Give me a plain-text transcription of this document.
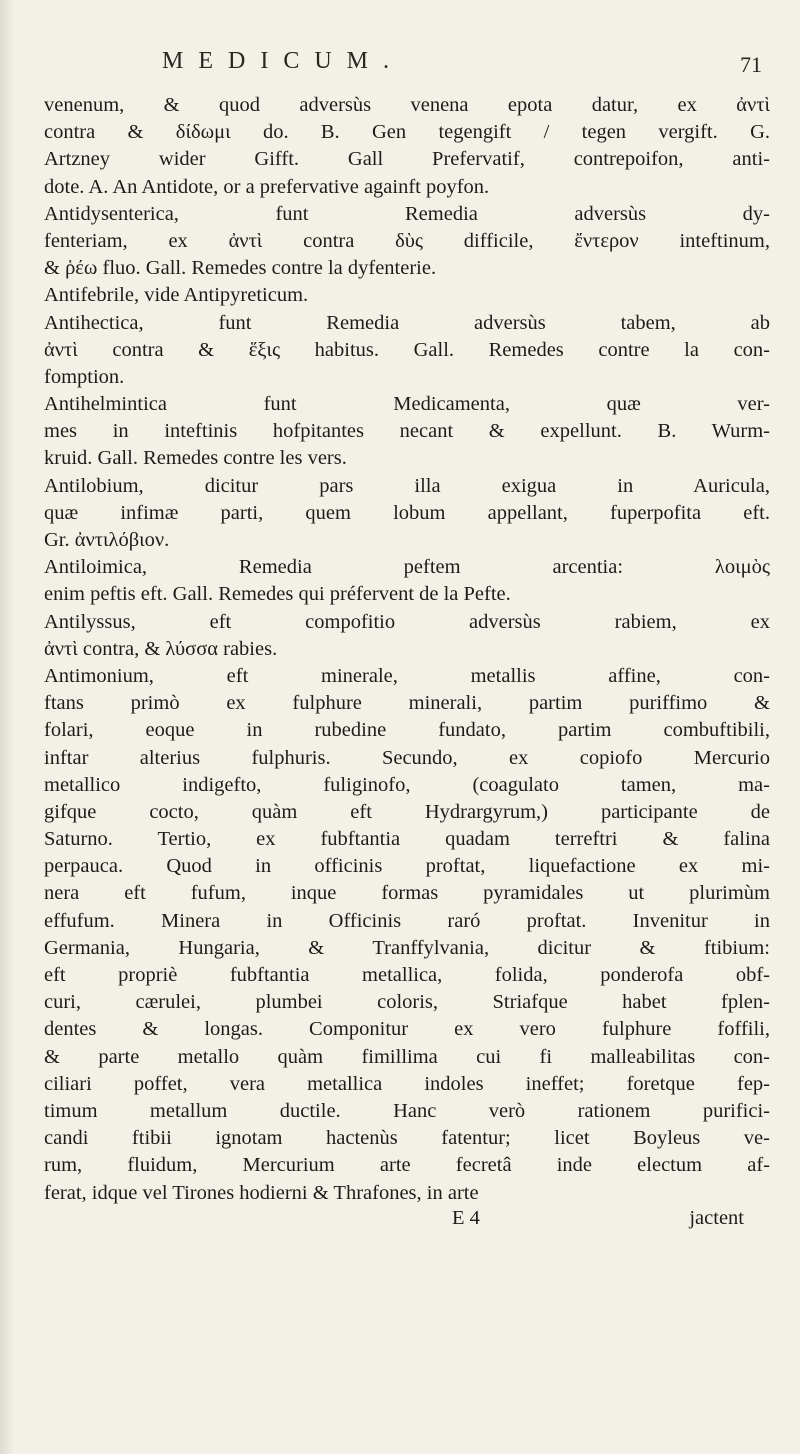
MEDICUM.	71
venenum, & quod adversùs venena epota datur, ex ἀντὶ
contra & δίδωμι do. B. Gen tegengift / tegen vergift. G.
Artzney wider Gifft. Gall Prefervatif, contrepoifon, anti-
dote. A. An Antidote, or a prefervative againft poyfon.
Antidysenterica, funt Remedia adversùs dy-
fenteriam, ex ἀντὶ contra δὺς difficile, ἔντερον inteftinum,
& ῥέω fluo. Gall. Remedes contre la dyfenterie.
Antifebrile, vide Antipyreticum.
Antihectica, funt Remedia adversùs tabem, ab
ἀντὶ contra & ἕξις habitus. Gall. Remedes contre la con-
fomption.
Antihelmintica funt Medicamenta, quæ ver-
mes in inteftinis hofpitantes necant & expellunt. B. Wurm-
kruid. Gall. Remedes contre les vers.
Antilobium, dicitur pars illa exigua in Auricula,
quæ infimæ parti, quem lobum appellant, fuperpofita eft.
Gr. ἀντιλόβιον.
Antiloimica, Remedia peftem arcentia: λοιμὸς
enim peftis eft. Gall. Remedes qui préfervent de la Pefte.
Antilyssus, eft compofitio adversùs rabiem, ex
ἀντὶ contra, & λύσσα rabies.
Antimonium, eft minerale, metallis affine, con-
ftans primò ex fulphure minerali, partim puriffimo &
folari, eoque in rubedine fundato, partim combuftibili,
inftar alterius fulphuris. Secundo, ex copiofo Mercurio
metallico indigefto, fuliginofo, (coagulato tamen, ma-
gifque cocto, quàm eft Hydrargyrum,) participante de
Saturno. Tertio, ex fubftantia quadam terreftri & falina
perpauca. Quod in officinis proftat, liquefactione ex mi-
nera eft fufum, inque formas pyramidales ut plurimùm
effufum. Minera in Officinis raró proftat. Invenitur in
Germania, Hungaria, & Tranffylvania, dicitur & ftibium:
eft propriè fubftantia metallica, folida, ponderofa obf-
curi, cærulei, plumbei coloris, Striafque habet fplen-
dentes & longas. Componitur ex vero fulphure foffili,
& parte metallo quàm fimillima cui fi malleabilitas con-
ciliari poffet, vera metallica indoles ineffet; foretque fep-
timum metallum ductile. Hanc verò rationem purifici-
candi ftibii ignotam hactenùs fatentur; licet Boyleus ve-
rum, fluidum, Mercurium arte fecretâ inde electum af-
ferat, idque vel Tirones hodierni & Thrafones, in arte
E 4	jactent
